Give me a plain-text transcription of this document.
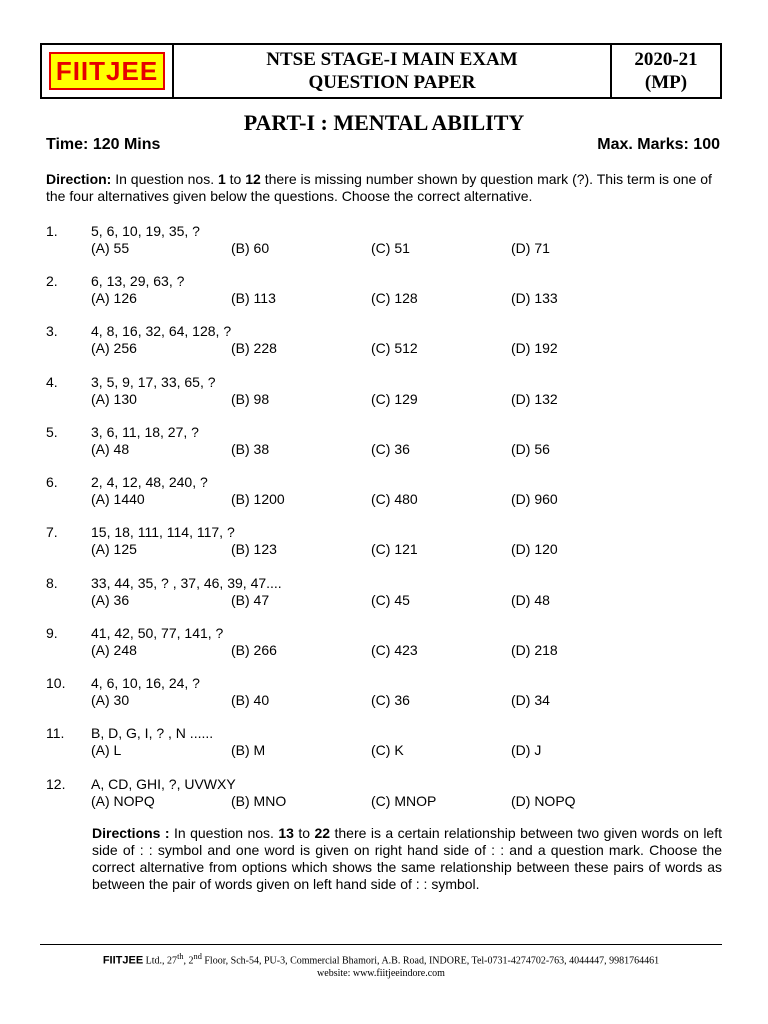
FIITJEE	NTSE STAGE-I MAIN EXAM
QUESTION PAPER
2020-21
(MP)
PART-I : MENTAL ABILITY
Time: 120 Mins	Max. Marks: 100
Direction: In question nos. 1 to 12 there is missing number shown by question mark (?). This term is one of the four alternatives given below the questions. Choose the correct alternative.
1. 5, 6, 10, 19, 35, ?
(A) 55	(B) 60	(C) 51	(D) 71
2. 6, 13, 29, 63, ?
(A) 126	(B) 113	(C) 128	(D) 133
3. 4, 8, 16, 32, 64, 128, ?
(A) 256	(B) 228	(C) 512	(D) 192
4. 3, 5, 9, 17, 33, 65, ?
(A) 130	(B) 98	(C) 129	(D) 132
5. 3, 6, 11, 18, 27, ?
(A) 48	(B) 38	(C) 36	(D) 56
6. 2, 4, 12, 48, 240, ?
(A) 1440	(B) 1200	(C) 480	(D) 960
7. 15, 18, 111, 114, 117, ?
(A) 125	(B) 123	(C) 121	(D) 120
8. 33, 44, 35, ? , 37, 46, 39, 47....
(A) 36	(B) 47	(C) 45	(D) 48
9. 41, 42, 50, 77, 141, ?
(A) 248	(B) 266	(C) 423	(D) 218
10. 4, 6, 10, 16, 24, ?
(A) 30	(B) 40	(C) 36	(D) 34
11. B, D, G, I, ? , N ......
(A) L	(B) M	(C) K	(D) J
12. A, CD, GHI, ?, UVWXY
(A) NOPQ	(B) MNO	(C) MNOP	(D) NOPQ
Directions : In question nos. 13 to 22 there is a certain relationship between two given words on left side of : : symbol and one word is given on right hand side of : : and a question mark. Choose the correct alternative from options which shows the same relationship between these pairs of words as between the pair of words given on left hand side of : : symbol.
FIITJEE Ltd., 27th, 2nd Floor, Sch-54, PU-3, Commercial Bhamori, A.B. Road, INDORE, Tel-0731-4274702-763, 4044447, 9981764461
website: www.fiitjeeindore.com
